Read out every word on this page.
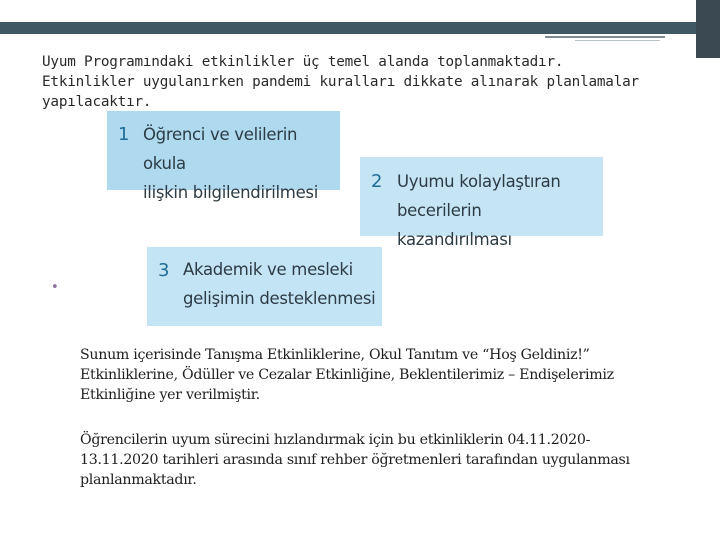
Uyum Programındaki etkinlikler üç temel alanda toplanmaktadır. Etkinlikler uygulanırken pandemi kuralları dikkate alınarak planlamalar yapılacaktır.

1 Öğrenci ve velilerin okula
ilişkin bilgilendirilmesi
2 Uyumu kolaylaştıran
becerilerin kazandırılması
3 Akademik ve mesleki
gelişimin desteklenmesi
•

Sunum içerisinde Tanışma Etkinliklerine, Okul Tanıtım ve “Hoş Geldiniz!” Etkinliklerine, Ödüller ve Cezalar Etkinliğine, Beklentilerimiz – Endişelerimiz Etkinliğine yer verilmiştir.

Öğrencilerin uyum sürecini hızlandırmak için bu etkinliklerin 04.11.2020-13.11.2020 tarihleri arasında sınıf rehber öğretmenleri tarafından uygulanması planlanmaktadır.
